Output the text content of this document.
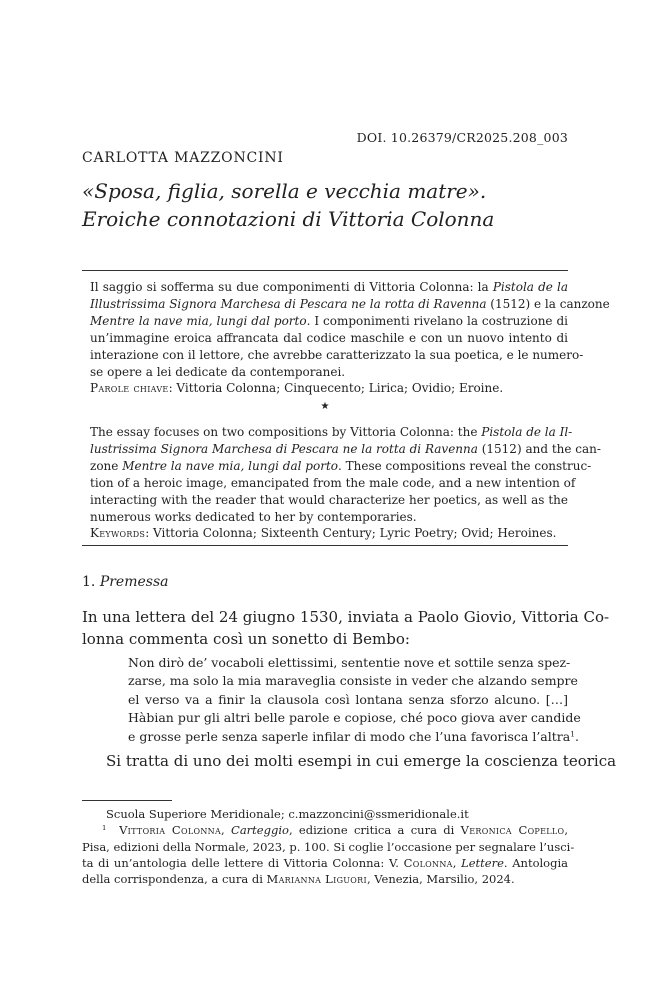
DOI. 10.26379/CR2025.208_003
CARLOTTA MAZZONCINI
«Sposa, figlia, sorella e vecchia matre».
Eroiche connotazioni di Vittoria Colonna
Il saggio si sofferma su due componimenti di Vittoria Colonna: la Pistola de la
Illustrissima Signora Marchesa di Pescara ne la rotta di Ravenna (1512) e la canzone
Mentre la nave mia, lungi dal porto. I componimenti rivelano la costruzione di
un’immagine eroica affrancata dal codice maschile e con un nuovo intento di
interazione con il lettore, che avrebbe caratterizzato la sua poetica, e le numero-
se opere a lei dedicate da contemporanei.
Parole chiave: Vittoria Colonna; Cinquecento; Lirica; Ovidio; Eroine.
★
The essay focuses on two compositions by Vittoria Colonna: the Pistola de la Il-
lustrissima Signora Marchesa di Pescara ne la rotta di Ravenna (1512) and the can-
zone Mentre la nave mia, lungi dal porto. These compositions reveal the construc-
tion of a heroic image, emancipated from the male code, and a new intention of
interacting with the reader that would characterize her poetics, as well as the
numerous works dedicated to her by contemporaries.
Keywords: Vittoria Colonna; Sixteenth Century; Lyric Poetry; Ovid; Heroines.
1. Premessa
In una lettera del 24 giugno 1530, inviata a Paolo Giovio, Vittoria Co-
lonna commenta così un sonetto di Bembo:
Non dirò de’ vocaboli elettissimi, sententie nove et sottile senza spez-
zarse, ma solo la mia maraveglia consiste in veder che alzando sempre
el verso va a finir la clausola così lontana senza sforzo alcuno. […]
Hàbian pur gli altri belle parole e copiose, ché poco giova aver candide
e grosse perle senza saperle infilar di modo che l’una favorisca l’altra$^1$.
Si tratta di uno dei molti esempi in cui emerge la coscienza teorica
Scuola Superiore Meridionale; c.mazzoncini@ssmeridionale.it
$^1$ Vittoria Colonna, Carteggio, edizione critica a cura di Veronica Copello,
Pisa, edizioni della Normale, 2023, p. 100. Si coglie l’occasione per segnalare l’usci-
ta di un’antologia delle lettere di Vittoria Colonna: V. Colonna, Lettere. Antologia
della corrispondenza, a cura di Marianna Liguori, Venezia, Marsilio, 2024.
